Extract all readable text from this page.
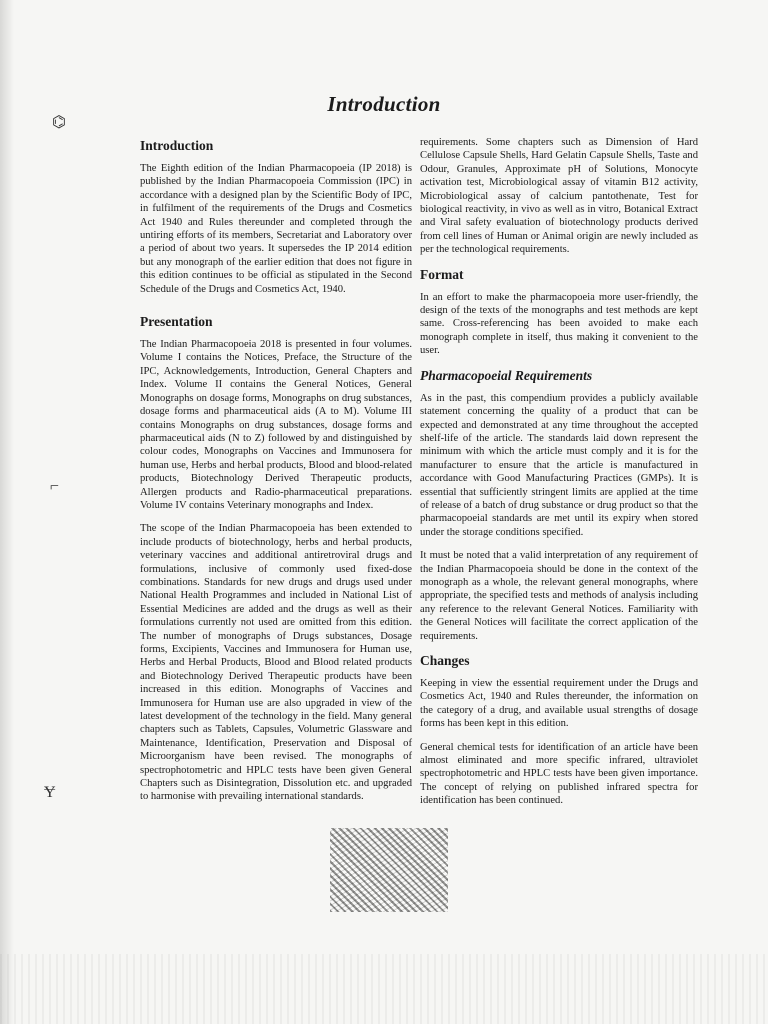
⌬
⌐
Ɏ
Introduction
Introduction

The Eighth edition of the Indian Pharmacopoeia (IP 2018) is published by the Indian Pharmacopoeia Commission (IPC) in accordance with a designed plan by the Scientific Body of IPC, in fulfilment of the requirements of the Drugs and Cosmetics Act 1940 and Rules thereunder and completed through the untiring efforts of its members, Secretariat and Laboratory over a period of about two years. It supersedes the IP 2014 edition but any monograph of the earlier edition that does not figure in this edition continues to be official as stipulated in the Second Schedule of the Drugs and Cosmetics Act, 1940.

Presentation

The Indian Pharmacopoeia 2018 is presented in four volumes. Volume I contains the Notices, Preface, the Structure of the IPC, Acknowledgements, Introduction, General Chapters and Index. Volume II contains the General Notices, General Monographs on dosage forms, Monographs on drug substances, dosage forms and pharmaceutical aids (A to M). Volume III contains Monographs on drug substances, dosage forms and pharmaceutical aids (N to Z) followed by and distinguished by colour codes, Monographs on Vaccines and Immunosera for human use, Herbs and herbal products, Blood and blood-related products, Biotechnology Derived Therapeutic products, Allergen products and Radio-pharmaceutical preparations. Volume IV contains Veterinary monographs and Index.

The scope of the Indian Pharmacopoeia has been extended to include products of biotechnology, herbs and herbal products, veterinary vaccines and additional antiretroviral drugs and formulations, inclusive of commonly used fixed-dose combinations. Standards for new drugs and drugs used under National Health Programmes and included in National List of Essential Medicines are added and the drugs as well as their formulations currently not used are omitted from this edition. The number of monographs of Drugs substances, Dosage forms, Excipients, Vaccines and Immunosera for Human use, Herbs and Herbal Products, Blood and Blood related products and Biotechnology Derived Therapeutic products have been increased in this edition. Monographs of Vaccines and Immunosera for Human use are also upgraded in view of the latest development of the technology in the field. Many general chapters such as Tablets, Capsules, Volumetric Glassware and Maintenance, Identification, Preservation and Disposal of Microorganism have been revised. The monographs of spectrophotometric and HPLC tests have been given General Chapters such as Disintegration, Dissolution etc. and upgraded to harmonise with prevailing international standards.

requirements. Some chapters such as Dimension of Hard Cellulose Capsule Shells, Hard Gelatin Capsule Shells, Taste and Odour, Granules, Approximate pH of Solutions, Monocyte activation test, Microbiological assay of vitamin B12 activity, Microbiological assay of calcium pantothenate, Test for biological reactivity, in vivo as well as in vitro, Botanical Extract and Viral safety evaluation of biotechnology products derived from cell lines of Human or Animal origin are newly included as per the technological requirements.

Format

In an effort to make the pharmacopoeia more user-friendly, the design of the texts of the monographs and test methods are kept same. Cross-referencing has been avoided to make each monograph complete in itself, thus making it convenient to the user.

Pharmacopoeial Requirements

As in the past, this compendium provides a publicly available statement concerning the quality of a product that can be expected and demonstrated at any time throughout the accepted shelf-life of the article. The standards laid down represent the minimum with which the article must comply and it is for the manufacturer to ensure that the article is manufactured in accordance with Good Manufacturing Practices (GMPs). It is essential that sufficiently stringent limits are applied at the time of release of a batch of drug substance or drug product so that the pharmacopoeial standards are met until its expiry when stored under the storage conditions specified.

It must be noted that a valid interpretation of any requirement of the Indian Pharmacopoeia should be done in the context of the monograph as a whole, the relevant general monographs, where appropriate, the specified tests and methods of analysis including any reference to the relevant General Notices. Familiarity with the General Notices will facilitate the correct application of the requirements.

Changes

Keeping in view the essential requirement under the Drugs and Cosmetics Act, 1940 and Rules thereunder, the information on the category of a drug, and available usual strengths of dosage forms has been kept in this edition.

General chemical tests for identification of an article have been almost eliminated and more specific infrared, ultraviolet spectrophotometric and HPLC tests have been given importance. The concept of relying on published infrared spectra for identification has been continued.
